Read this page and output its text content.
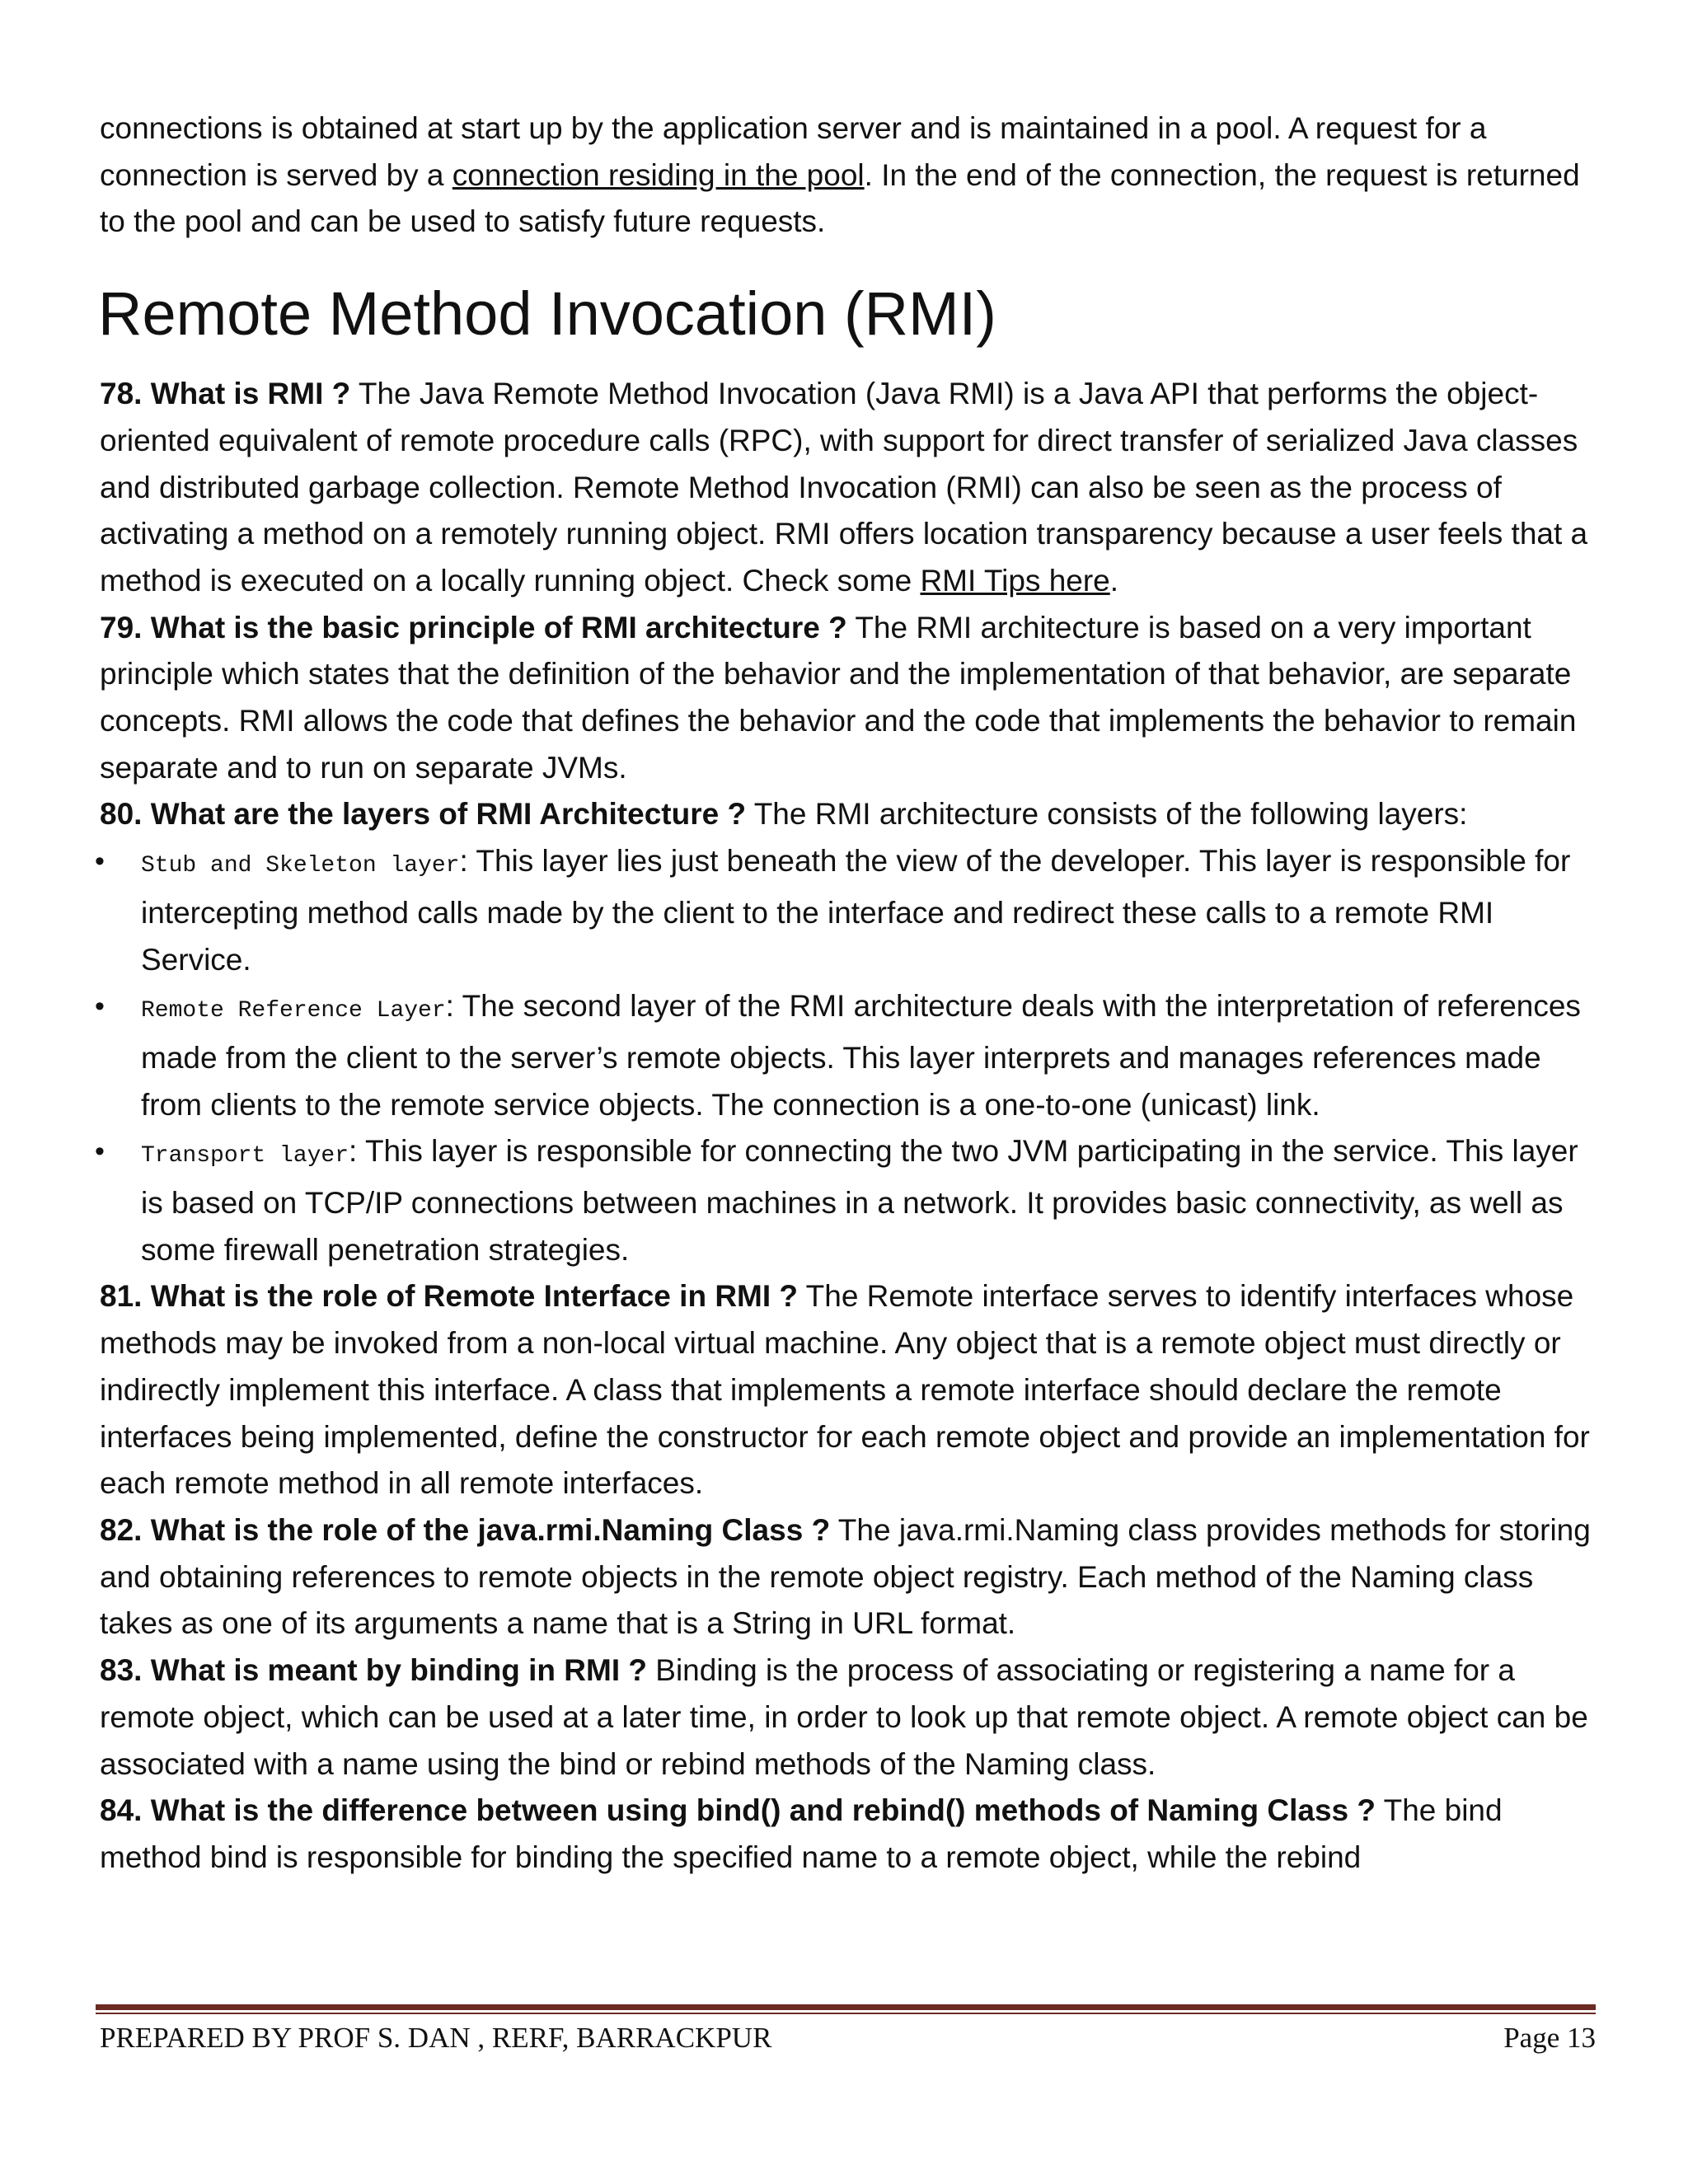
connections is obtained at start up by the application server and is maintained in a pool. A request for a connection is served by a connection residing in the pool. In the end of the connection, the request is returned to the pool and can be used to satisfy future requests.

Remote Method Invocation (RMI)

78. What is RMI ? The Java Remote Method Invocation (Java RMI) is a Java API that performs the object-oriented equivalent of remote procedure calls (RPC), with support for direct transfer of serialized Java classes and distributed garbage collection. Remote Method Invocation (RMI) can also be seen as the process of activating a method on a remotely running object. RMI offers location transparency because a user feels that a method is executed on a locally running object. Check some RMI Tips here.

79. What is the basic principle of RMI architecture ? The RMI architecture is based on a very important principle which states that the definition of the behavior and the implementation of that behavior, are separate concepts. RMI allows the code that defines the behavior and the code that implements the behavior to remain separate and to run on separate JVMs.

80. What are the layers of RMI Architecture ? The RMI architecture consists of the following layers:

• Stub and Skeleton layer: This layer lies just beneath the view of the developer. This layer is responsible for intercepting method calls made by the client to the interface and redirect these calls to a remote RMI Service.
• Remote Reference Layer: The second layer of the RMI architecture deals with the interpretation of references made from the client to the server’s remote objects. This layer interprets and manages references made from clients to the remote service objects. The connection is a one-to-one (unicast) link.
• Transport layer: This layer is responsible for connecting the two JVM participating in the service. This layer is based on TCP/IP connections between machines in a network. It provides basic connectivity, as well as some firewall penetration strategies.

81. What is the role of Remote Interface in RMI ? The Remote interface serves to identify interfaces whose methods may be invoked from a non-local virtual machine. Any object that is a remote object must directly or indirectly implement this interface. A class that implements a remote interface should declare the remote interfaces being implemented, define the constructor for each remote object and provide an implementation for each remote method in all remote interfaces.

82. What is the role of the java.rmi.Naming Class ? The java.rmi.Naming class provides methods for storing and obtaining references to remote objects in the remote object registry. Each method of the Naming class takes as one of its arguments a name that is a String in URL format.

83. What is meant by binding in RMI ? Binding is the process of associating or registering a name for a remote object, which can be used at a later time, in order to look up that remote object. A remote object can be associated with a name using the bind or rebind methods of the Naming class.

84. What is the difference between using bind() and rebind() methods of Naming Class ? The bind method bind is responsible for binding the specified name to a remote object, while the rebind

PREPARED BY PROF S. DAN , RERF, BARRACKPUR	Page 13
